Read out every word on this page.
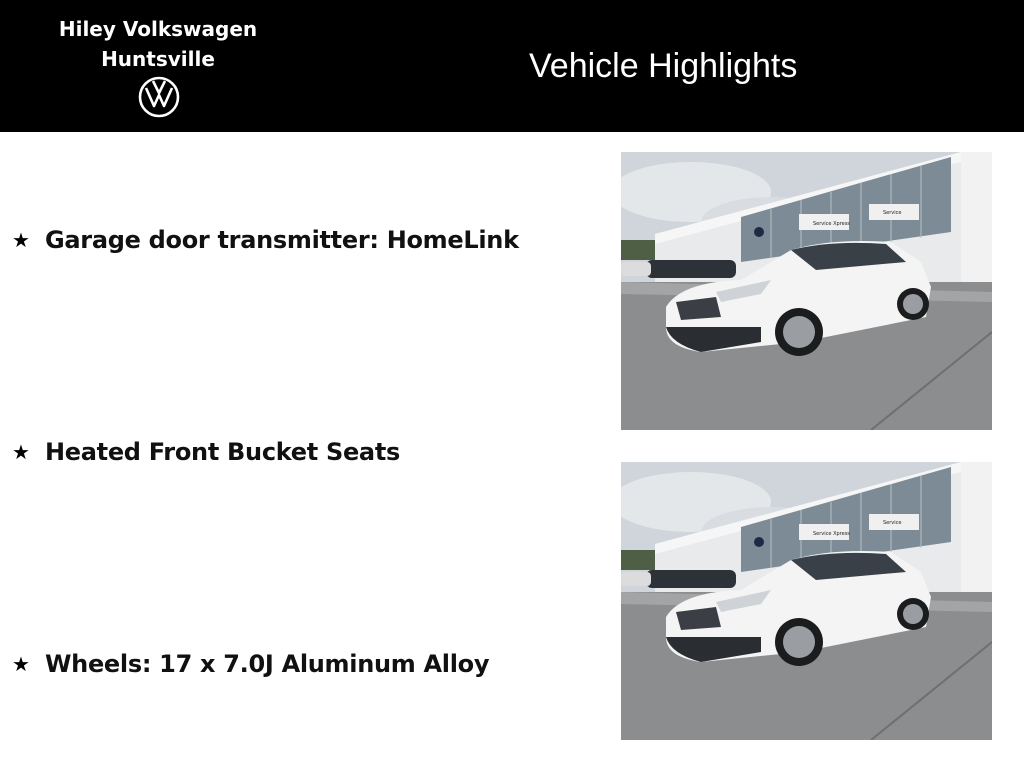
Hiley Volkswagen
Huntsville	Vehicle Highlights
★ Garage door transmitter: HomeLink
★ Heated Front Bucket Seats
★ Wheels: 17 x 7.0J Aluminum Alloy
Service Xpress
Service
Service Xpress
Service
